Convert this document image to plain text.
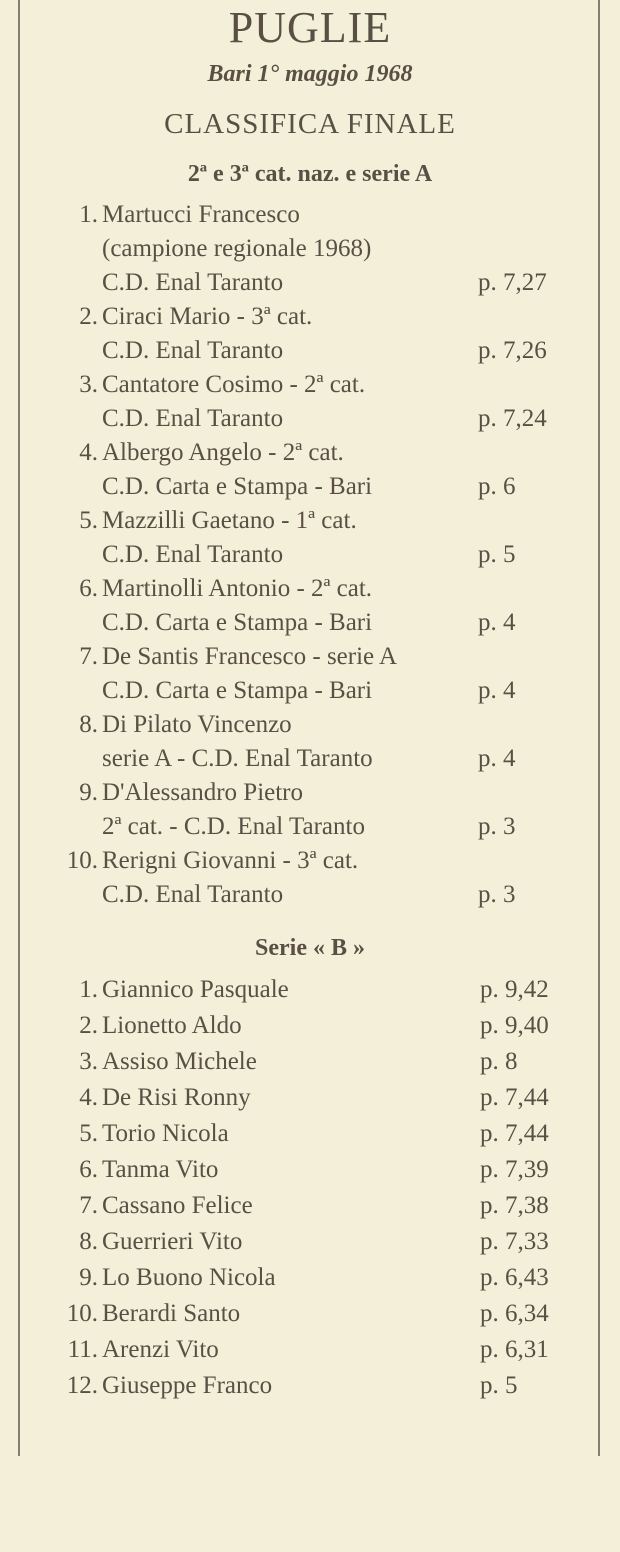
PUGLIE
Bari 1° maggio 1968
CLASSIFICA FINALE
2ª e 3ª cat. naz. e serie A
1. Martucci Francesco
(campione regionale 1968)
C.D. Enal Taranto	p. 7,27
2. Ciraci Mario - 3ª cat.
C.D. Enal Taranto	p. 7,26
3. Cantatore Cosimo - 2ª cat.
C.D. Enal Taranto	p. 7,24
4. Albergo Angelo - 2ª cat.
C.D. Carta e Stampa - Bari	p. 6
5. Mazzilli Gaetano - 1ª cat.
C.D. Enal Taranto	p. 5
6. Martinolli Antonio - 2ª cat.
C.D. Carta e Stampa - Bari	p. 4
7. De Santis Francesco - serie A
C.D. Carta e Stampa - Bari	p. 4
8. Di Pilato Vincenzo
serie A - C.D. Enal Taranto	p. 4
9. D'Alessandro Pietro
2ª cat. - C.D. Enal Taranto	p. 3
10. Rerigni Giovanni - 3ª cat.
C.D. Enal Taranto	p. 3
Serie « B »
1. Giannico Pasquale	p. 9,42
2. Lionetto Aldo	p. 9,40
3. Assiso Michele	p. 8
4. De Risi Ronny	p. 7,44
5. Torio Nicola	p. 7,44
6. Tanma Vito	p. 7,39
7. Cassano Felice	p. 7,38
8. Guerrieri Vito	p. 7,33
9. Lo Buono Nicola	p. 6,43
10. Berardi Santo	p. 6,34
11. Arenzi Vito	p. 6,31
12. Giuseppe Franco	p. 5
